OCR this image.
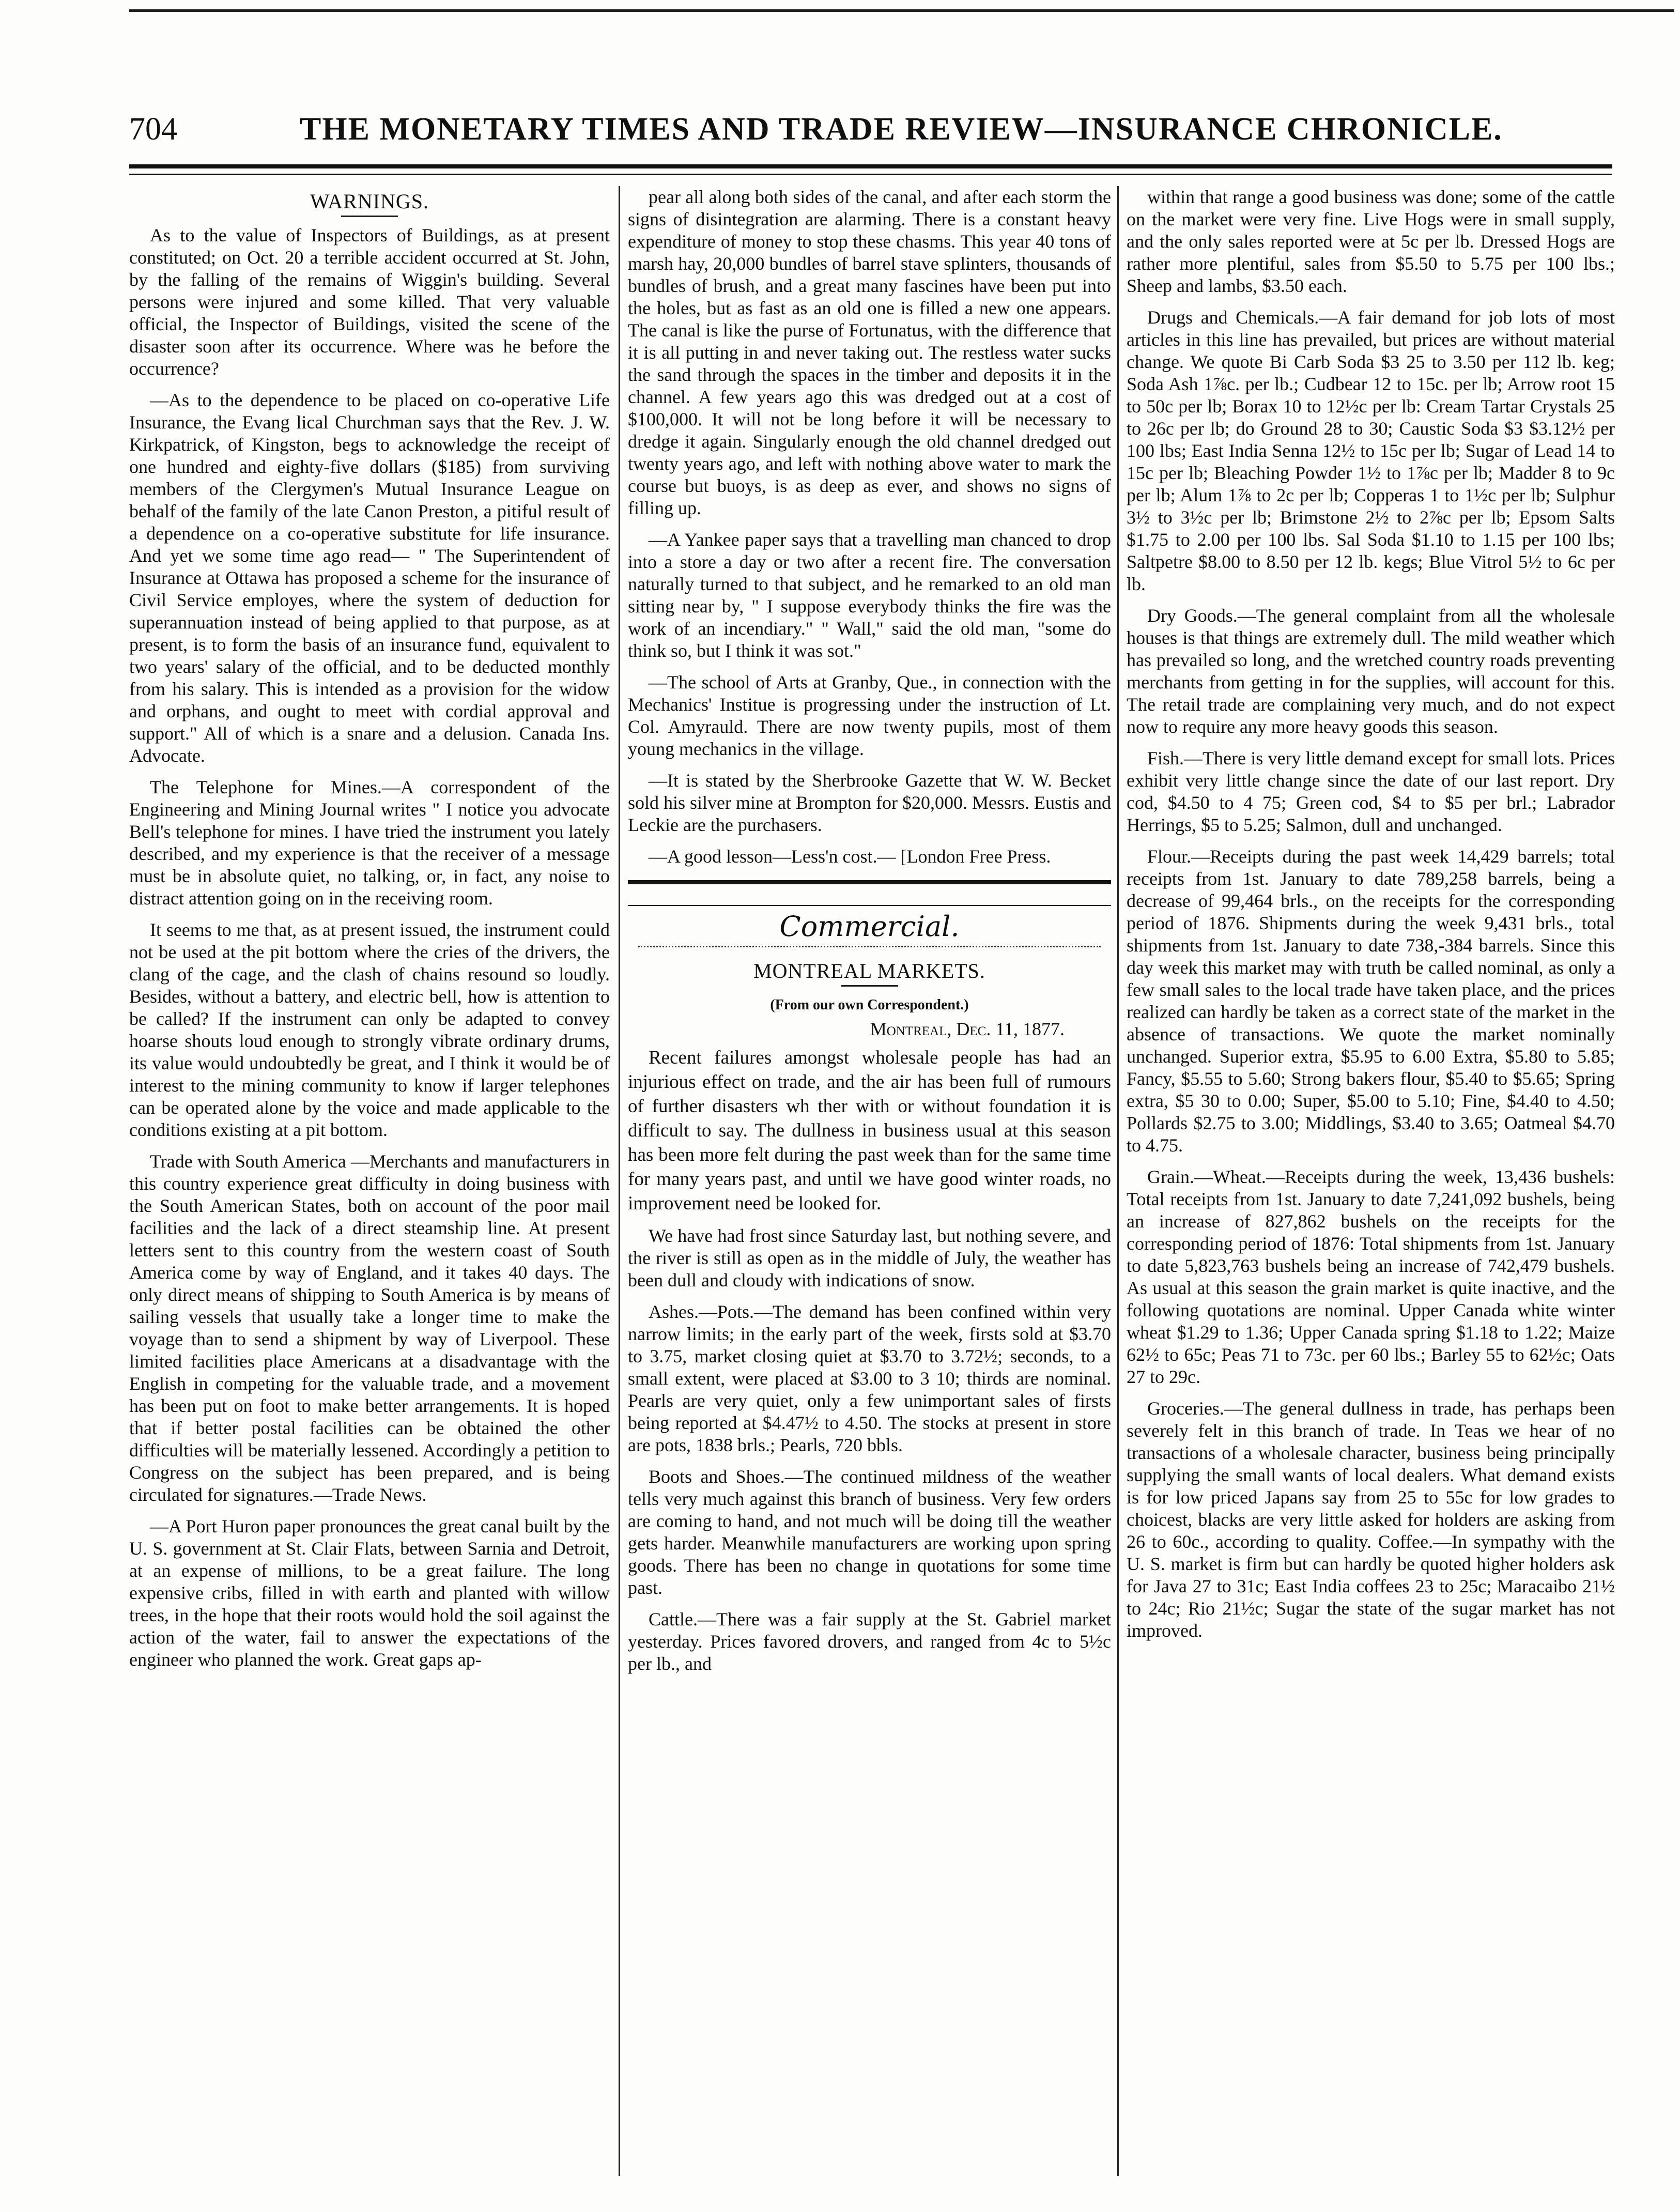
704	THE MONETARY TIMES AND TRADE REVIEW—INSURANCE CHRONICLE.

WARNINGS.

As to the value of Inspectors of Buildings, as at present constituted; on Oct. 20 a terrible accident occurred at St. John, by the falling of the remains of Wiggin's building. Several persons were injured and some killed. That very valuable official, the Inspector of Buildings, visited the scene of the disaster soon after its occurrence. Where was he before the occurrence?

—As to the dependence to be placed on co-operative Life Insurance, the Evang lical Churchman says that the Rev. J. W. Kirkpatrick, of Kingston, begs to acknowledge the receipt of one hundred and eighty-five dollars ($185) from surviving members of the Clergymen's Mutual Insurance League on behalf of the family of the late Canon Preston, a pitiful result of a dependence on a co-operative substitute for life insurance. And yet we some time ago read— " The Superintendent of Insurance at Ottawa has proposed a scheme for the insurance of Civil Service employes, where the system of deduction for superannuation instead of being applied to that purpose, as at present, is to form the basis of an insurance fund, equivalent to two years' salary of the official, and to be deducted monthly from his salary. This is intended as a provision for the widow and orphans, and ought to meet with cordial approval and support." All of which is a snare and a delusion. Canada Ins. Advocate.

The Telephone for Mines.—A correspondent of the Engineering and Mining Journal writes " I notice you advocate Bell's telephone for mines. I have tried the instrument you lately described, and my experience is that the receiver of a message must be in absolute quiet, no talking, or, in fact, any noise to distract attention going on in the receiving room.

It seems to me that, as at present issued, the instrument could not be used at the pit bottom where the cries of the drivers, the clang of the cage, and the clash of chains resound so loudly. Besides, without a battery, and electric bell, how is attention to be called? If the instrument can only be adapted to convey hoarse shouts loud enough to strongly vibrate ordinary drums, its value would undoubtedly be great, and I think it would be of interest to the mining community to know if larger telephones can be operated alone by the voice and made applicable to the conditions existing at a pit bottom.

Trade with South America —Merchants and manufacturers in this country experience great difficulty in doing business with the South American States, both on account of the poor mail facilities and the lack of a direct steamship line. At present letters sent to this country from the western coast of South America come by way of England, and it takes 40 days. The only direct means of shipping to South America is by means of sailing vessels that usually take a longer time to make the voyage than to send a shipment by way of Liverpool. These limited facilities place Americans at a disadvantage with the English in competing for the valuable trade, and a movement has been put on foot to make better arrangements. It is hoped that if better postal facilities can be obtained the other difficulties will be materially lessened. Accordingly a petition to Congress on the subject has been prepared, and is being circulated for signatures.—Trade News.

—A Port Huron paper pronounces the great canal built by the U. S. government at St. Clair Flats, between Sarnia and Detroit, at an expense of millions, to be a great failure. The long expensive cribs, filled in with earth and planted with willow trees, in the hope that their roots would hold the soil against the action of the water, fail to answer the expectations of the engineer who planned the work. Great gaps ap-

pear all along both sides of the canal, and after each storm the signs of disintegration are alarming. There is a constant heavy expenditure of money to stop these chasms. This year 40 tons of marsh hay, 20,000 bundles of barrel stave splinters, thousands of bundles of brush, and a great many fascines have been put into the holes, but as fast as an old one is filled a new one appears. The canal is like the purse of Fortunatus, with the difference that it is all putting in and never taking out. The restless water sucks the sand through the spaces in the timber and deposits it in the channel. A few years ago this was dredged out at a cost of $100,000. It will not be long before it will be necessary to dredge it again. Singularly enough the old channel dredged out twenty years ago, and left with nothing above water to mark the course but buoys, is as deep as ever, and shows no signs of filling up.

—A Yankee paper says that a travelling man chanced to drop into a store a day or two after a recent fire. The conversation naturally turned to that subject, and he remarked to an old man sitting near by, " I suppose everybody thinks the fire was the work of an incendiary." " Wall," said the old man, "some do think so, but I think it was sot."

—The school of Arts at Granby, Que., in connection with the Mechanics' Institue is progressing under the instruction of Lt. Col. Amyrauld. There are now twenty pupils, most of them young mechanics in the village.

—It is stated by the Sherbrooke Gazette that W. W. Becket sold his silver mine at Brompton for $20,000. Messrs. Eustis and Leckie are the purchasers.

—A good lesson—Less'n cost.— [London Free Press.

Commercial.

MONTREAL MARKETS.

(From our own Correspondent.)

Montreal, Dec. 11, 1877.

Recent failures amongst wholesale people has had an injurious effect on trade, and the air has been full of rumours of further disasters wh ther with or without foundation it is difficult to say. The dullness in business usual at this season has been more felt during the past week than for the same time for many years past, and until we have good winter roads, no improvement need be looked for.

We have had frost since Saturday last, but nothing severe, and the river is still as open as in the middle of July, the weather has been dull and cloudy with indications of snow.

Ashes.—Pots.—The demand has been confined within very narrow limits; in the early part of the week, firsts sold at $3.70 to 3.75, market closing quiet at $3.70 to 3.72½; seconds, to a small extent, were placed at $3.00 to 3 10; thirds are nominal. Pearls are very quiet, only a few unimportant sales of firsts being reported at $4.47½ to 4.50. The stocks at present in store are pots, 1838 brls.; Pearls, 720 bbls.

Boots and Shoes.—The continued mildness of the weather tells very much against this branch of business. Very few orders are coming to hand, and not much will be doing till the weather gets harder. Meanwhile manufacturers are working upon spring goods. There has been no change in quotations for some time past.

Cattle.—There was a fair supply at the St. Gabriel market yesterday. Prices favored drovers, and ranged from 4c to 5½c per lb., and

within that range a good business was done; some of the cattle on the market were very fine. Live Hogs were in small supply, and the only sales reported were at 5c per lb. Dressed Hogs are rather more plentiful, sales from $5.50 to 5.75 per 100 lbs.; Sheep and lambs, $3.50 each.

Drugs and Chemicals.—A fair demand for job lots of most articles in this line has prevailed, but prices are without material change. We quote Bi Carb Soda $3 25 to 3.50 per 112 lb. keg; Soda Ash 1⅞c. per lb.; Cudbear 12 to 15c. per lb; Arrow root 15 to 50c per lb; Borax 10 to 12½c per lb: Cream Tartar Crystals 25 to 26c per lb; do Ground 28 to 30; Caustic Soda $3 $3.12½ per 100 lbs; East India Senna 12½ to 15c per lb; Sugar of Lead 14 to 15c per lb; Bleaching Powder 1½ to 1⅞c per lb; Madder 8 to 9c per lb; Alum 1⅞ to 2c per lb; Copperas 1 to 1½c per lb; Sulphur 3½ to 3½c per lb; Brimstone 2½ to 2⅞c per lb; Epsom Salts $1.75 to 2.00 per 100 lbs. Sal Soda $1.10 to 1.15 per 100 lbs; Saltpetre $8.00 to 8.50 per 12 lb. kegs; Blue Vitrol 5½ to 6c per lb.

Dry Goods.—The general complaint from all the wholesale houses is that things are extremely dull. The mild weather which has prevailed so long, and the wretched country roads preventing merchants from getting in for the supplies, will account for this. The retail trade are complaining very much, and do not expect now to require any more heavy goods this season.

Fish.—There is very little demand except for small lots. Prices exhibit very little change since the date of our last report. Dry cod, $4.50 to 4 75; Green cod, $4 to $5 per brl.; Labrador Herrings, $5 to 5.25; Salmon, dull and unchanged.

Flour.—Receipts during the past week 14,429 barrels; total receipts from 1st. January to date 789,258 barrels, being a decrease of 99,464 brls., on the receipts for the corresponding period of 1876. Shipments during the week 9,431 brls., total shipments from 1st. January to date 738,-384 barrels. Since this day week this market may with truth be called nominal, as only a few small sales to the local trade have taken place, and the prices realized can hardly be taken as a correct state of the market in the absence of transactions. We quote the market nominally unchanged. Superior extra, $5.95 to 6.00 Extra, $5.80 to 5.85; Fancy, $5.55 to 5.60; Strong bakers flour, $5.40 to $5.65; Spring extra, $5 30 to 0.00; Super, $5.00 to 5.10; Fine, $4.40 to 4.50; Pollards $2.75 to 3.00; Middlings, $3.40 to 3.65; Oatmeal $4.70 to 4.75.

Grain.—Wheat.—Receipts during the week, 13,436 bushels: Total receipts from 1st. January to date 7,241,092 bushels, being an increase of 827,862 bushels on the receipts for the corresponding period of 1876: Total shipments from 1st. January to date 5,823,763 bushels being an increase of 742,479 bushels. As usual at this season the grain market is quite inactive, and the following quotations are nominal. Upper Canada white winter wheat $1.29 to 1.36; Upper Canada spring $1.18 to 1.22; Maize 62½ to 65c; Peas 71 to 73c. per 60 lbs.; Barley 55 to 62½c; Oats 27 to 29c.

Groceries.—The general dullness in trade, has perhaps been severely felt in this branch of trade. In Teas we hear of no transactions of a wholesale character, business being principally supplying the small wants of local dealers. What demand exists is for low priced Japans say from 25 to 55c for low grades to choicest, blacks are very little asked for holders are asking from 26 to 60c., according to quality. Coffee.—In sympathy with the U. S. market is firm but can hardly be quoted higher holders ask for Java 27 to 31c; East India coffees 23 to 25c; Maracaibo 21½ to 24c; Rio 21½c; Sugar the state of the sugar market has not improved.
